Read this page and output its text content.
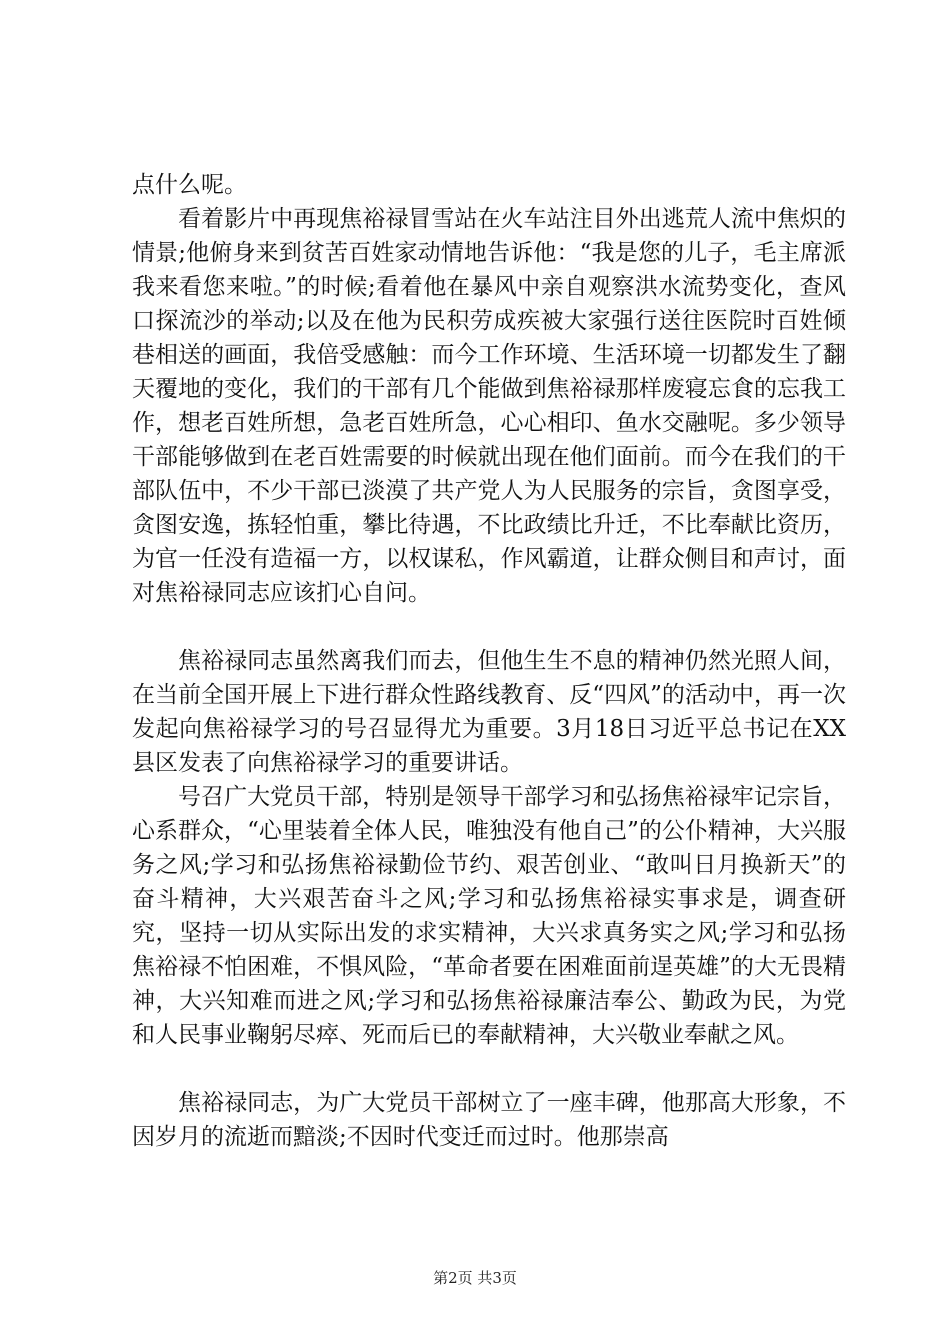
点什么呢。

看着影片中再现焦裕禄冒雪站在火车站注目外出逃荒人流中焦炽的情景;他俯身来到贫苦百姓家动情地告诉他：“我是您的儿子，毛主席派我来看您来啦。”的时候;看着他在暴风中亲自观察洪水流势变化，查风口探流沙的举动;以及在他为民积劳成疾被大家强行送往医院时百姓倾巷相送的画面，我倍受感触：而今工作环境、生活环境一切都发生了翻天覆地的变化，我们的干部有几个能做到焦裕禄那样废寝忘食的忘我工作，想老百姓所想，急老百姓所急，心心相印、鱼水交融呢。多少领导干部能够做到在老百姓需要的时候就出现在他们面前。而今在我们的干部队伍中，不少干部已淡漠了共产党人为人民服务的宗旨，贪图享受，贪图安逸，拣轻怕重，攀比待遇，不比政绩比升迁，不比奉献比资历，为官一任没有造福一方，以权谋私，作风霸道，让群众侧目和声讨，面对焦裕禄同志应该扪心自问。

焦裕禄同志虽然离我们而去，但他生生不息的精神仍然光照人间，在当前全国开展上下进行群众性路线教育、反“四风”的活动中，再一次发起向焦裕禄学习的号召显得尤为重要。3月18日习近平总书记在XX县区发表了向焦裕禄学习的重要讲话。

号召广大党员干部，特别是领导干部学习和弘扬焦裕禄牢记宗旨，心系群众，“心里装着全体人民，唯独没有他自己”的公仆精神，大兴服务之风;学习和弘扬焦裕禄勤俭节约、艰苦创业、“敢叫日月换新天”的奋斗精神，大兴艰苦奋斗之风;学习和弘扬焦裕禄实事求是，调查研究，坚持一切从实际出发的求实精神，大兴求真务实之风;学习和弘扬焦裕禄不怕困难，不惧风险，“革命者要在困难面前逞英雄”的大无畏精神，大兴知难而进之风;学习和弘扬焦裕禄廉洁奉公、勤政为民，为党和人民事业鞠躬尽瘁、死而后已的奉献精神，大兴敬业奉献之风。

焦裕禄同志，为广大党员干部树立了一座丰碑，他那高大形象，不因岁月的流逝而黯淡;不因时代变迁而过时。他那崇高

第2页 共3页
